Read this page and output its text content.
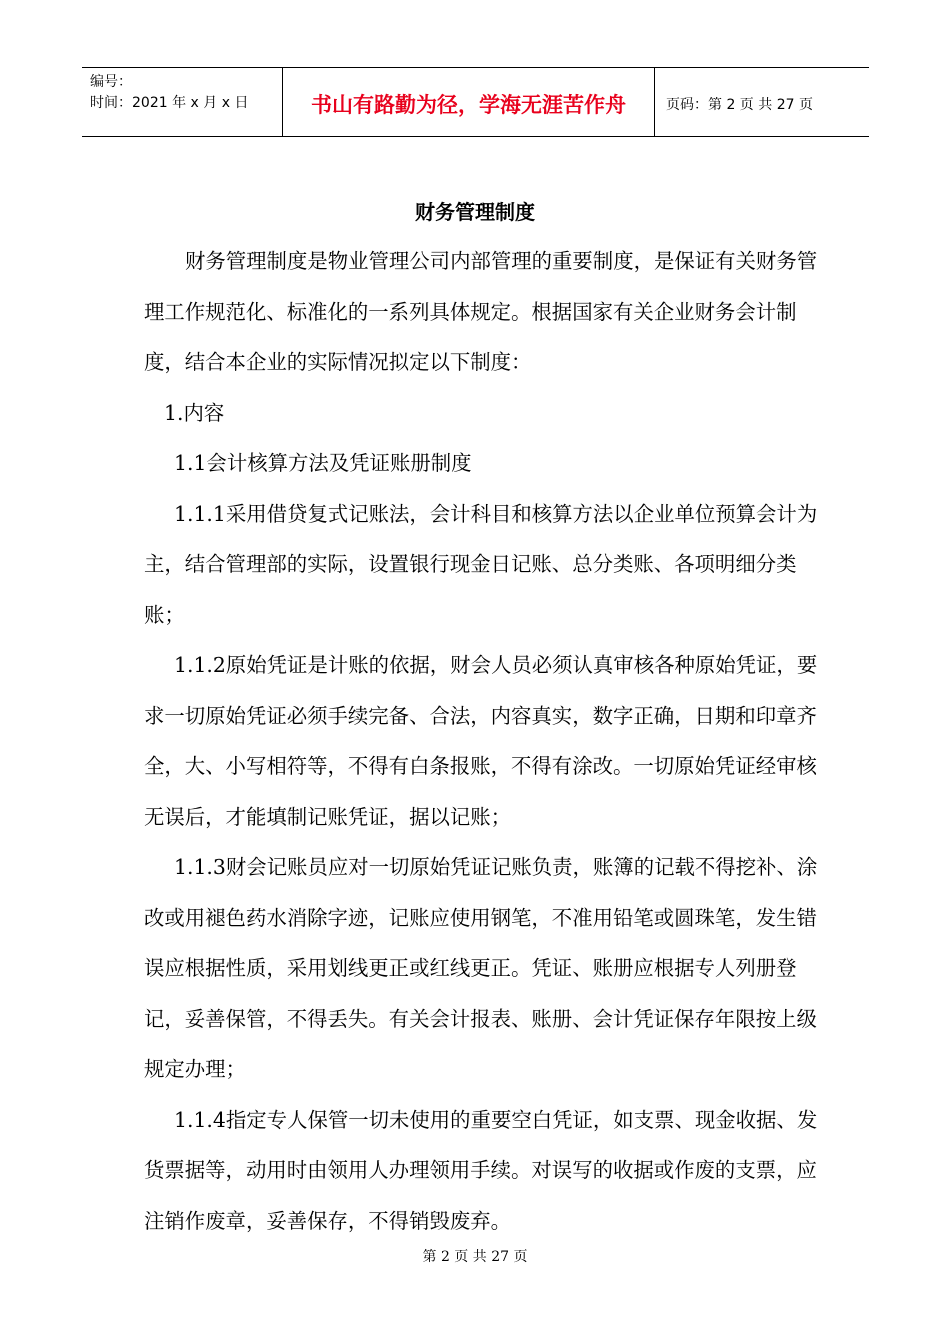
编号：
时间：2021 年 x 月 x 日	书山有路勤为径，学海无涯苦作舟	页码：第 2 页 共 27 页
财务管理制度

财务管理制度是物业管理公司内部管理的重要制度，是保证有关财务管理工作规范化、标准化的一系列具体规定。根据国家有关企业财务会计制度，结合本企业的实际情况拟定以下制度：

1.内容

1.1会计核算方法及凭证账册制度

1.1.1采用借贷复式记账法，会计科目和核算方法以企业单位预算会计为主，结合管理部的实际，设置银行现金日记账、总分类账、各项明细分类账；

1.1.2原始凭证是计账的依据，财会人员必须认真审核各种原始凭证，要求一切原始凭证必须手续完备、合法，内容真实，数字正确，日期和印章齐全，大、小写相符等，不得有白条报账，不得有涂改。一切原始凭证经审核无误后，才能填制记账凭证，据以记账；

1.1.3财会记账员应对一切原始凭证记账负责，账簿的记载不得挖补、涂改或用褪色药水消除字迹，记账应使用钢笔，不准用铅笔或圆珠笔，发生错误应根据性质，采用划线更正或红线更正。凭证、账册应根据专人列册登记，妥善保管，不得丢失。有关会计报表、账册、会计凭证保存年限按上级规定办理；

1.1.4指定专人保管一切未使用的重要空白凭证，如支票、现金收据、发货票据等，动用时由领用人办理领用手续。对误写的收据或作废的支票，应注销作废章，妥善保存，不得销毁废弃。

第 2 页 共 27 页
